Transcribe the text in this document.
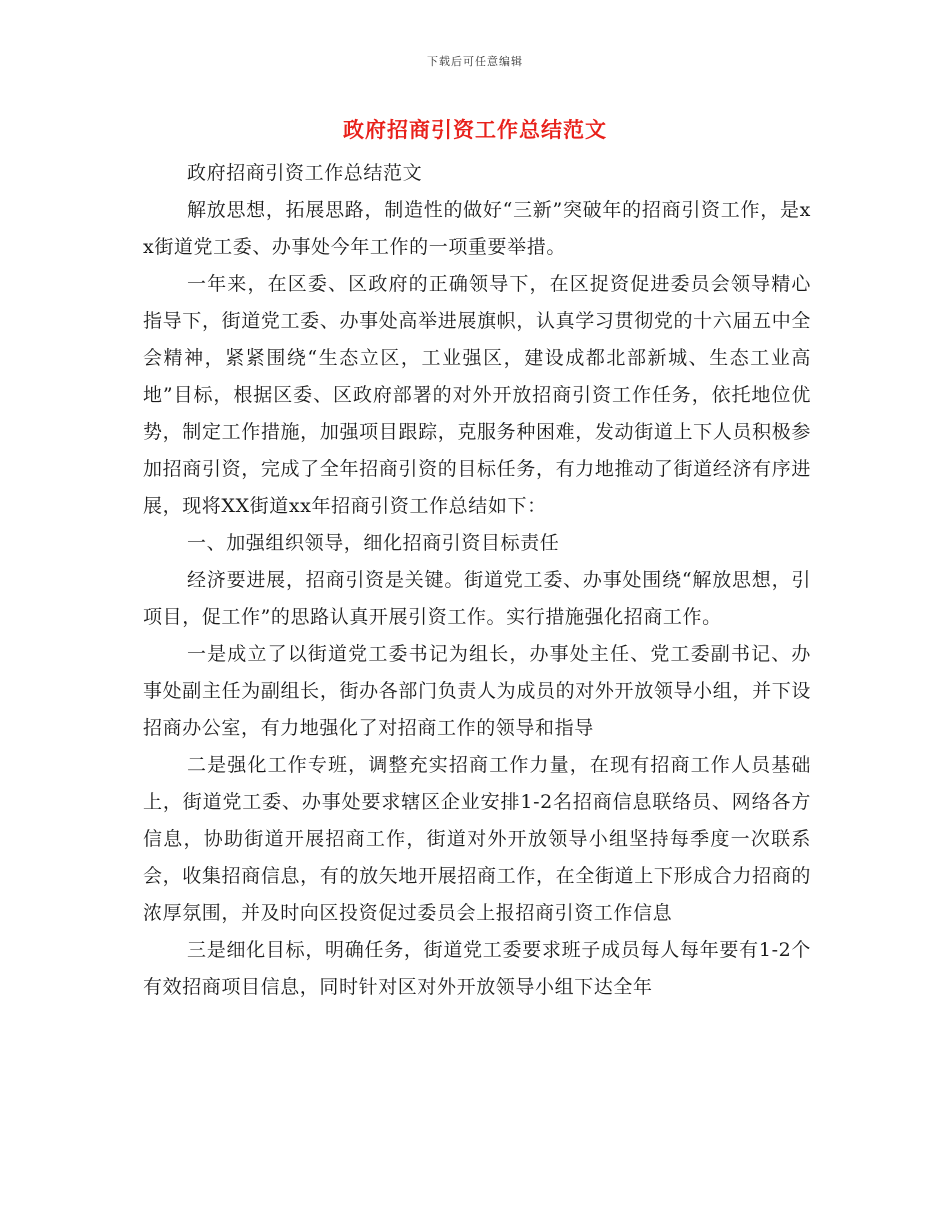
下载后可任意编辑
政府招商引资工作总结范文

政府招商引资工作总结范文

解放思想，拓展思路，制造性的做好“三新”突破年的招商引资工作，是xx街道党工委、办事处今年工作的一项重要举措。

一年来，在区委、区政府的正确领导下，在区捉资促进委员会领导精心指导下，街道党工委、办事处高举进展旗帜，认真学习贯彻党的十六届五中全会精神，紧紧围绕“生态立区，工业强区，建设成都北部新城、生态工业高地”目标，根据区委、区政府部署的对外开放招商引资工作任务，依托地位优势，制定工作措施，加强项目跟踪，克服务种困难，发动街道上下人员积极参加招商引资，完成了全年招商引资的目标任务，有力地推动了街道经济有序进展，现将XX街道xx年招商引资工作总结如下：

一、加强组织领导，细化招商引资目标责任

经济要进展，招商引资是关键。街道党工委、办事处围绕“解放思想，引项目，促工作”的思路认真开展引资工作。实行措施强化招商工作。

一是成立了以街道党工委书记为组长，办事处主任、党工委副书记、办事处副主任为副组长，街办各部门负责人为成员的对外开放领导小组，并下设招商办公室，有力地强化了对招商工作的领导和指导

二是强化工作专班，调整充实招商工作力量，在现有招商工作人员基础上，街道党工委、办事处要求辖区企业安排1-2名招商信息联络员、网络各方信息，协助街道开展招商工作，街道对外开放领导小组坚持每季度一次联系会，收集招商信息，有的放矢地开展招商工作，在全街道上下形成合力招商的浓厚氛围，并及时向区投资促过委员会上报招商引资工作信息

三是细化目标，明确任务，街道党工委要求班子成员每人每年要有1-2个有效招商项目信息，同时针对区对外开放领导小组下达全年
